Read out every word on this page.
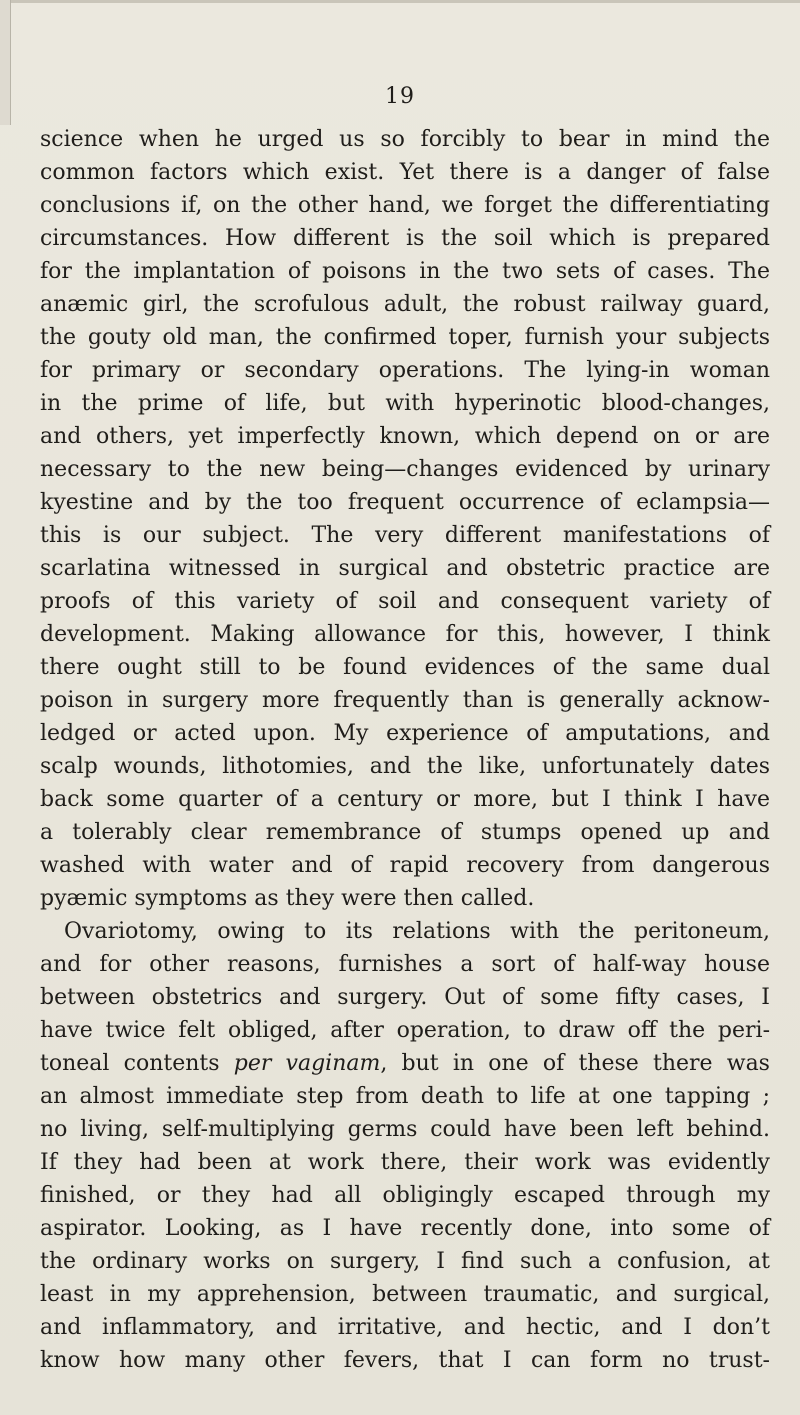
19
science when he urged us so forcibly to bear in mind the
common factors which exist. Yet there is a danger of false
conclusions if, on the other hand, we forget the differentiating
circumstances. How different is the soil which is prepared
for the implantation of poisons in the two sets of cases. The
anæmic girl, the scrofulous adult, the robust railway guard,
the gouty old man, the confirmed toper, furnish your subjects
for primary or secondary operations. The lying-in woman
in the prime of life, but with hyperinotic blood-changes,
and others, yet imperfectly known, which depend on or are
necessary to the new being—changes evidenced by urinary
kyestine and by the too frequent occurrence of eclampsia—
this is our subject. The very different manifestations of
scarlatina witnessed in surgical and obstetric practice are
proofs of this variety of soil and consequent variety of
development. Making allowance for this, however, I think
there ought still to be found evidences of the same dual
poison in surgery more frequently than is generally acknow-
ledged or acted upon. My experience of amputations, and
scalp wounds, lithotomies, and the like, unfortunately dates
back some quarter of a century or more, but I think I have
a tolerably clear remembrance of stumps opened up and
washed with water and of rapid recovery from dangerous
pyæmic symptoms as they were then called.
Ovariotomy, owing to its relations with the peritoneum,
and for other reasons, furnishes a sort of half-way house
between obstetrics and surgery. Out of some fifty cases, I
have twice felt obliged, after operation, to draw off the peri-
toneal contents per vaginam, but in one of these there was
an almost immediate step from death to life at one tapping ;
no living, self-multiplying germs could have been left behind.
If they had been at work there, their work was evidently
finished, or they had all obligingly escaped through my
aspirator. Looking, as I have recently done, into some of
the ordinary works on surgery, I find such a confusion, at
least in my apprehension, between traumatic, and surgical,
and inflammatory, and irritative, and hectic, and I don’t
know how many other fevers, that I can form no trust-
